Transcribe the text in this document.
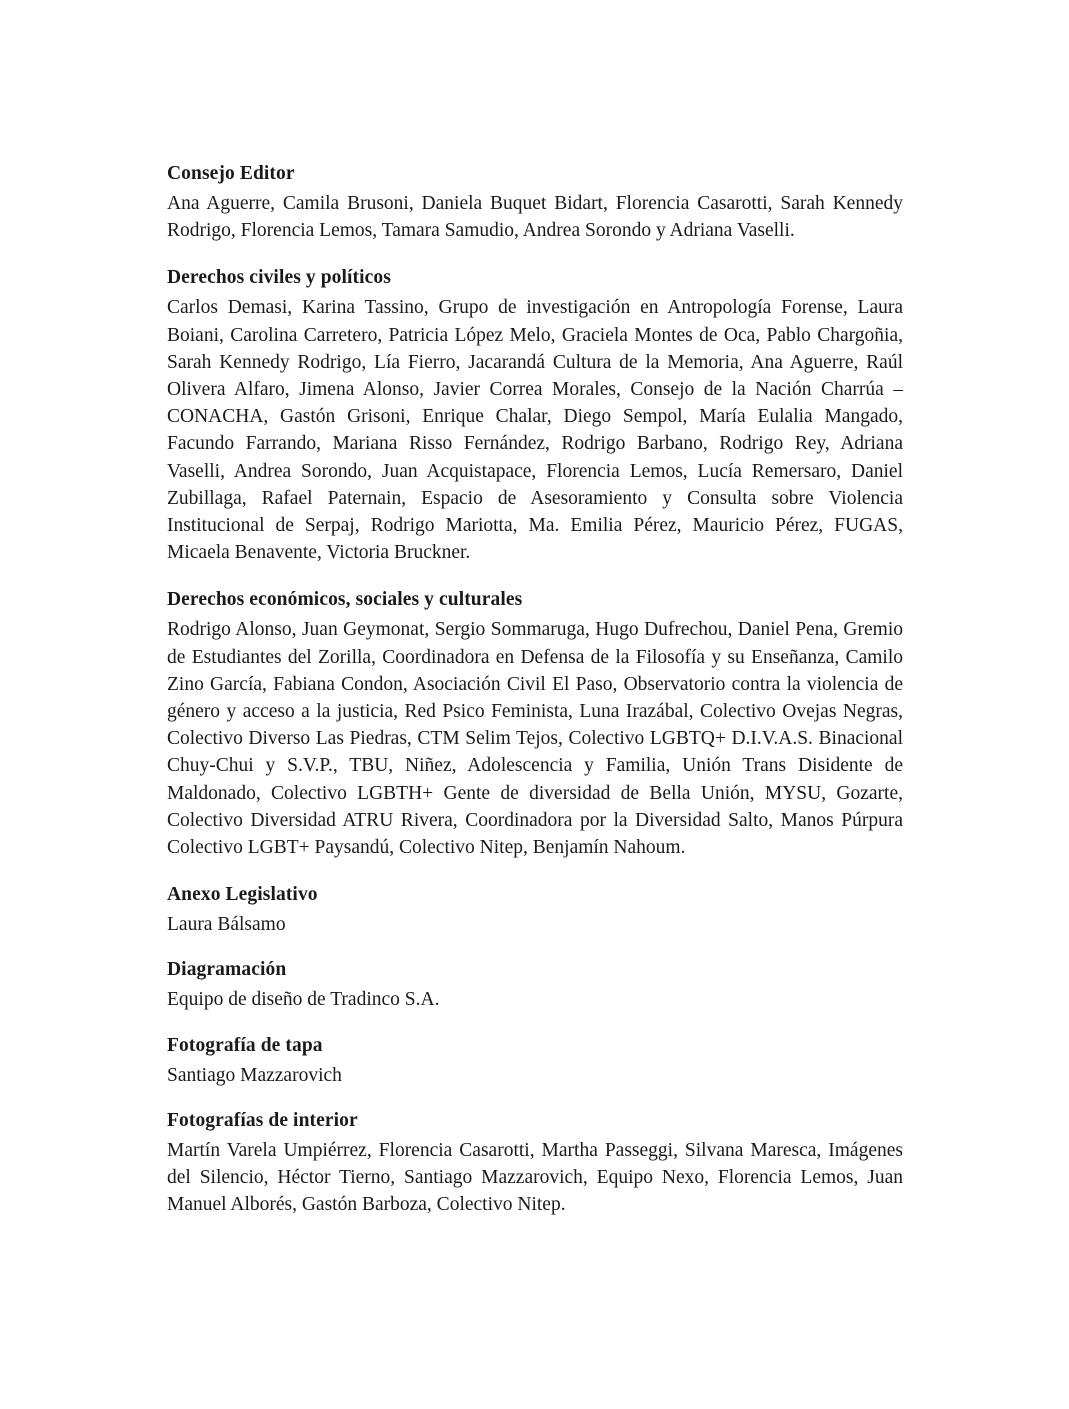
Consejo Editor

Ana Aguerre, Camila Brusoni, Daniela Buquet Bidart, Florencia Casarotti, Sarah Kennedy Rodrigo, Florencia Lemos, Tamara Samudio, Andrea Sorondo y Adriana Vaselli.

Derechos civiles y políticos

Carlos Demasi, Karina Tassino, Grupo de investigación en Antropología Forense, Laura Boiani, Carolina Carretero, Patricia López Melo, Graciela Montes de Oca, Pablo Chargoñia, Sarah Kennedy Rodrigo, Lía Fierro, Jacarandá Cultura de la Memoria, Ana Aguerre, Raúl Olivera Alfaro, Jimena Alonso, Javier Correa Morales, Consejo de la Nación Charrúa – CONACHA, Gastón Grisoni, Enrique Chalar, Diego Sempol, María Eulalia Mangado, Facundo Farrando, Mariana Risso Fernández, Rodrigo Barbano, Rodrigo Rey, Adriana Vaselli, Andrea Sorondo, Juan Acquistapace, Florencia Lemos, Lucía Remersaro, Daniel Zubillaga, Rafael Paternain, Espacio de Asesoramiento y Consulta sobre Violencia Institucional de Serpaj, Rodrigo Mariotta, Ma. Emilia Pérez, Mauricio Pérez, FUGAS, Micaela Benavente, Victoria Bruckner.

Derechos económicos, sociales y culturales

Rodrigo Alonso, Juan Geymonat, Sergio Sommaruga, Hugo Dufrechou, Daniel Pena, Gremio de Estudiantes del Zorilla, Coordinadora en Defensa de la Filosofía y su Enseñanza, Camilo Zino García, Fabiana Condon, Asociación Civil El Paso, Observatorio contra la violencia de género y acceso a la justicia, Red Psico Feminista, Luna Irazábal, Colectivo Ovejas Negras, Colectivo Diverso Las Piedras, CTM Selim Tejos, Colectivo LGBTQ+ D.I.V.A.S. Binacional Chuy-Chui y S.V.P., TBU, Niñez, Adolescencia y Familia, Unión Trans Disidente de Maldonado, Colectivo LGBTH+ Gente de diversidad de Bella Unión, MYSU, Gozarte, Colectivo Diversidad ATRU Rivera, Coordinadora por la Diversidad Salto, Manos Púrpura Colectivo LGBT+ Paysandú, Colectivo Nitep, Benjamín Nahoum.

Anexo Legislativo

Laura Bálsamo

Diagramación

Equipo de diseño de Tradinco S.A.

Fotografía de tapa

Santiago Mazzarovich

Fotografías de interior

Martín Varela Umpiérrez, Florencia Casarotti, Martha Passeggi, Silvana Maresca, Imágenes del Silencio, Héctor Tierno, Santiago Mazzarovich, Equipo Nexo, Florencia Lemos, Juan Manuel Alborés, Gastón Barboza, Colectivo Nitep.
